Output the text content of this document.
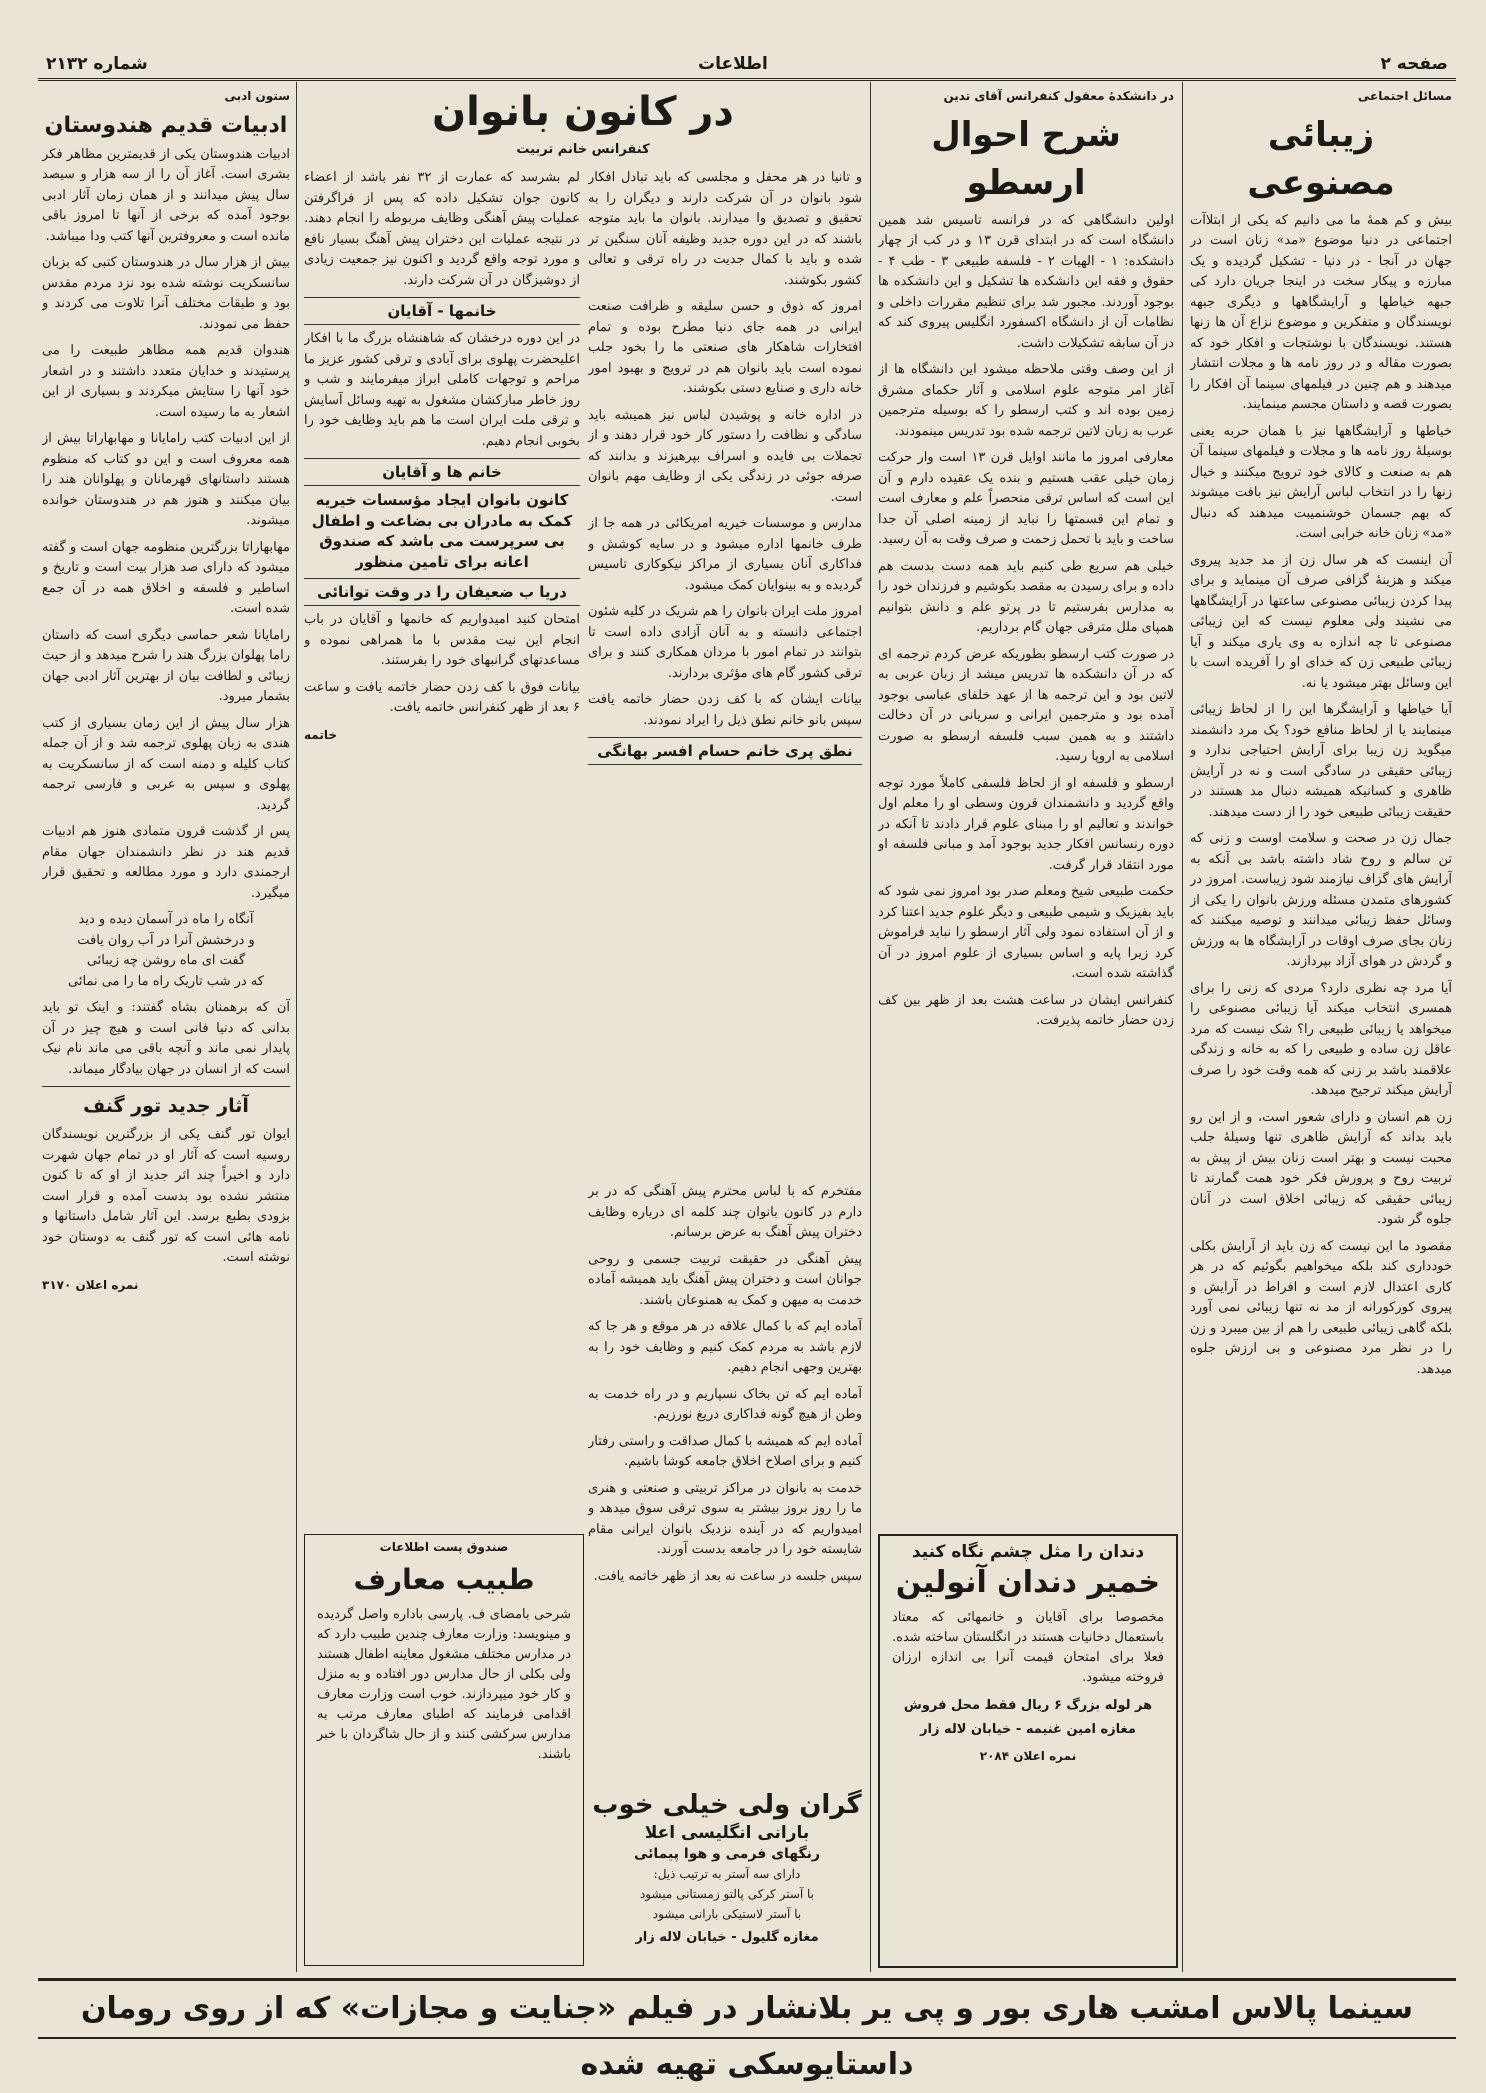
شماره ۲۱۳۲	اطلاعات	صفحه ۲
مسائل اجتماعی
زیبائی مصنوعی

بیش و کم همهٔ ما می دانیم که یکی از ابتلاآت اجتماعی در دنیا موضوع «مد» زنان است در جهان در آنجا - در دنیا - تشکیل گردیده و یک مبارزه و پیکار سخت در اینجا جریان دارد کی جبهه خیاطها و آرایشگاهها و دیگری جبهه نویسندگان و متفکرین و موضوع نزاع آن ها زنها هستند. نویسندگان با نوشتجات و افکار خود که بصورت مقاله و در روز نامه ها و مجلات انتشار میدهند و هم چنین در فیلمهای سینما آن افکار را بصورت قصه و داستان مجسم مینمایند.

خیاطها و آرایشگاهها نیز با همان حربه یعنی بوسیلهٔ روز نامه ها و مجلات و فیلمهای سینما آن هم به صنعت و کالای خود ترویج میکنند و خیال زنها را در انتخاب لباس آرایش نیز بافت میشوند که بهم جسمان خوشنمیبت میدهند که دنبال «مد» زنان خانه خرابی است.

آن اینست که هر سال زن از مد جدید پیروی میکند و هزینهٔ گزافی صرف آن مینماید و برای پیدا کردن زیبائی مصنوعی ساعتها در آرایشگاهها می نشیند ولی معلوم نیست که این زیبائی مصنوعی تا چه اندازه به وی یاری میکند و آیا زیبائی طبیعی زن که خدای او را آفریده است با این وسائل بهتر میشود یا نه.

آیا خیاطها و آرایشگرها این را از لحاظ زیبائی مینمایند یا از لحاظ منافع خود؟ یک مرد دانشمند میگوید زن زیبا برای آرایش احتیاجی ندارد و زیبائی حقیقی در سادگی است و نه در آرایش ظاهری و کسانیکه همیشه دنبال مد هستند در حقیقت زیبائی طبیعی خود را از دست میدهند.

جمال زن در صحت و سلامت اوست و زنی که تن سالم و روح شاد داشته باشد بی آنکه به آرایش های گزاف نیازمند شود زیباست. امروز در کشورهای متمدن مسئله ورزش بانوان را یکی از وسائل حفظ زیبائی میدانند و توصیه میکنند که زنان بجای صرف اوقات در آرایشگاه ها به ورزش و گردش در هوای آزاد بپردازند.

آیا مرد چه نظری دارد؟ مردی که زنی را برای همسری انتخاب میکند آیا زیبائی مصنوعی را میخواهد یا زیبائی طبیعی را؟ شک نیست که مرد عاقل زن ساده و طبیعی را که به خانه و زندگی علاقمند باشد بر زنی که همه وقت خود را صرف آرایش میکند ترجیح میدهد.

زن هم انسان و دارای شعور است، و از این رو باید بداند که آرایش ظاهری تنها وسیلهٔ جلب محبت نیست و بهتر است زنان بیش از پیش به تربیت روح و پرورش فکر خود همت گمارند تا زیبائی حقیقی که زیبائی اخلاق است در آنان جلوه گر شود.

مقصود ما این نیست که زن باید از آرایش بکلی خودداری کند بلکه میخواهیم بگوئیم که در هر کاری اعتدال لازم است و افراط در آرایش و پیروی کورکورانه از مد نه تنها زیبائی نمی آورد بلکه گاهی زیبائی طبیعی را هم از بین میبرد و زن را در نظر مرد مصنوعی و بی ارزش جلوه میدهد.

در دانشکدهٔ معقول کنفرانس آقای تدین
شرح احوال ارسطو

اولین دانشگاهی که در فرانسه تاسیس شد همین دانشگاه است که در ابتدای قرن ۱۳ و در کب از چهار دانشکده: ۱ - الهیات ۲ - فلسفه طبیعی ۳ - طب ۴ - حقوق و فقه این دانشکده ها تشکیل و این دانشکده ها بوجود آوردند. مجبور شد برای تنظیم مقررات داخلی و نظامات آن از دانشگاه اکسفورد انگلیس پیروی کند که در آن سابقه تشکیلات داشت.

از این وصف وقتی ملاحظه میشود این دانشگاه ها از آغاز امر متوجه علوم اسلامی و آثار حکمای مشرق زمین بوده اند و کتب ارسطو را که بوسیله مترجمین عرب به زبان لاتین ترجمه شده بود تدریس مینمودند.

معارفی امروز ما مانند اوایل قرن ۱۳ است وار حرکت زمان خیلی عقب هستیم و بنده یک عقیده دارم و آن این است که اساس ترقی منحصراً علم و معارف است و تمام این قسمتها را نباید از زمینه اصلی آن جدا ساخت و باید با تحمل زحمت و صرف وقت به آن رسید.

خیلی هم سریع طی کنیم باید همه دست بدست هم داده و برای رسیدن به مقصد بکوشیم و فرزندان خود را به مدارس بفرستیم تا در پرتو علم و دانش بتوانیم همپای ملل مترقی جهان گام برداریم.

در صورت کتب ارسطو بطوریکه عرض کردم ترجمه ای که در آن دانشکده ها تدریس میشد از زبان عربی به لاتین بود و این ترجمه ها از عهد خلفای عباسی بوجود آمده بود و مترجمین ایرانی و سریانی در آن دخالت داشتند و به همین سبب فلسفه ارسطو به صورت اسلامی به اروپا رسید.

ارسطو و فلسفه او از لحاظ فلسفی کاملاً مورد توجه واقع گردید و دانشمندان قرون وسطی او را معلم اول خواندند و تعالیم او را مبنای علوم قرار دادند تا آنکه در دوره رنسانس افکار جدید بوجود آمد و مبانی فلسفه او مورد انتقاد قرار گرفت.

حکمت طبیعی شیخ ومعلم صدر بود امروز نمی شود که باید بفیزیک و شیمی طبیعی و دیگر علوم جدید اعتنا کرد و از آن استفاده نمود ولی آثار ارسطو را نباید فراموش کرد زیرا پایه و اساس بسیاری از علوم امروز در آن گذاشته شده است.

کنفرانس ایشان در ساعت هشت بعد از ظهر بین کف زدن حضار خاتمه پذیرفت.

در کانون بانوان
کنفرانس خانم تربیت

و تانیا در هر محفل و مجلسی که باید تبادل افکار شود بانوان در آن شرکت دارند و دیگران را به تحقیق و تصدیق وا میدارند. بانوان ما باید متوجه باشند که در این دوره جدید وظیفه آنان سنگین تر شده و باید با کمال جدیت در راه ترقی و تعالی کشور بکوشند.

امروز که ذوق و حسن سلیقه و ظرافت صنعت ایرانی در همه جای دنیا مطرح بوده و تمام افتخارات شاهکار های صنعتی ما را بخود جلب نموده است باید بانوان هم در ترویج و بهبود امور خانه داری و صنایع دستی بکوشند.

در اداره خانه و پوشیدن لباس نیز همیشه باید سادگی و نظافت را دستور کار خود قرار دهند و از تجملات بی فایده و اسراف بپرهیزند و بدانند که صرفه جوئی در زندگی یکی از وظایف مهم بانوان است.

مدارس و موسسات خیریه امریکائی در همه جا از طرف خانمها اداره میشود و در سایه کوشش و فداکاری آنان بسیاری از مراکز نیکوکاری تاسیس گردیده و به بینوایان کمک میشود.

امروز ملت ایران بانوان را هم شریک در کلیه شئون اجتماعی دانسته و به آنان آزادی داده است تا بتوانند در تمام امور با مردان همکاری کنند و برای ترقی کشور گام های مؤثری بردارند.

بیانات ایشان که با کف زدن حضار خاتمه یافت سپس بانو خانم نطق ذیل را ایراد نمودند.

نطق پری خانم حسام افسر بهانگی

لم بشرسد که عمارت از ۳۲ نفر باشد از اعضاء کانون جوان تشکیل داده که پس از فراگرفتن عملیات پیش آهنگی وظایف مربوطه را انجام دهند. در نتیجه عملیات این دختران پیش آهنگ بسیار نافع و مورد توجه واقع گردید و اکنون نیز جمعیت زیادی از دوشیزگان در آن شرکت دارند.

خانمها - آقایان

در این دوره درخشان که شاهنشاه بزرگ ما با افکار اعلیحضرت پهلوی برای آبادی و ترقی کشور عزیز ما مراحم و توجهات کاملی ابراز میفرمایند و شب و روز خاطر مبارکشان مشغول به تهیه وسائل آسایش و ترقی ملت ایران است ما هم باید وظایف خود را بخوبی انجام دهیم.

خانم ها و آقایان
کانون بانوان ایجاد مؤسسات خیریه کمک به مادران بی بضاعت و اطفال بی سرپرست می باشد که صندوق اعانه برای تامین منظور
دریا ب ضعیفان را در وقت توانائی

امتحان کنید امیدواریم که خانمها و آقایان در باب انجام این نیت مقدس با ما همراهی نموده و مساعدتهای گرانبهای خود را بفرستند.

بیانات فوق با کف زدن حضار خاتمه یافت و ساعت ۶ بعد از ظهر کنفرانس خاتمه یافت.

خاتمه

مفتخرم که با لباس محترم پیش آهنگی که در بر دارم در کانون بانوان چند کلمه ای درباره وظایف دختران پیش آهنگ به عرض برسانم.

پیش آهنگی در حقیقت تربیت جسمی و روحی جوانان است و دختران پیش آهنگ باید همیشه آماده خدمت به میهن و کمک به همنوعان باشند.

آماده ایم که با کمال علاقه در هر موقع و هر جا که لازم باشد به مردم کمک کنیم و وظایف خود را به بهترین وجهی انجام دهیم.

آماده ایم که تن بخاک نسپاریم و در راه خدمت به وطن از هیچ گونه فداکاری دریغ نورزیم.

آماده ایم که همیشه با کمال صداقت و راستی رفتار کنیم و برای اصلاح اخلاق جامعه کوشا باشیم.

خدمت به بانوان در مراکز تربیتی و صنعتی و هنری ما را روز بروز بیشتر به سوی ترقی سوق میدهد و امیدواریم که در آینده نزدیک بانوان ایرانی مقام شایسته خود را در جامعه بدست آورند.

سپس جلسه در ساعت نه بعد از ظهر خاتمه یافت.

ستون ادبی
ادبیات قدیم هندوستان

ادبیات هندوستان یکی از قدیمترین مظاهر فکر بشری است. آغاز آن را از سه هزار و سیصد سال پیش میدانند و از همان زمان آثار ادبی بوجود آمده که برخی از آنها تا امروز باقی مانده است و معروفترین آنها کتب ودا میباشد.

بیش از هزار سال در هندوستان کتبی که بزبان سانسکریت نوشته شده بود نزد مردم مقدس بود و طبقات مختلف آنرا تلاوت می کردند و حفظ می نمودند.

هندوان قدیم همه مظاهر طبیعت را می پرستیدند و خدایان متعدد داشتند و در اشعار خود آنها را ستایش میکردند و بسیاری از این اشعار به ما رسیده است.

از این ادبیات کتب رامایانا و مهابهاراتا بیش از همه معروف است و این دو کتاب که منظوم هستند داستانهای قهرمانان و پهلوانان هند را بیان میکنند و هنوز هم در هندوستان خوانده میشوند.

مهابهاراتا بزرگترین منظومه جهان است و گفته میشود که دارای صد هزار بیت است و تاریخ و اساطیر و فلسفه و اخلاق همه در آن جمع شده است.

رامایانا شعر حماسی دیگری است که داستان راما پهلوان بزرگ هند را شرح میدهد و از حیث زیبائی و لطافت بیان از بهترین آثار ادبی جهان بشمار میرود.

هزار سال پیش از این زمان بسیاری از کتب هندی به زبان پهلوی ترجمه شد و از آن جمله کتاب کلیله و دمنه است که از سانسکریت به پهلوی و سپس به عربی و فارسی ترجمه گردید.

پس از گذشت قرون متمادی هنوز هم ادبیات قدیم هند در نظر دانشمندان جهان مقام ارجمندی دارد و مورد مطالعه و تحقیق قرار میگیرد.

آنگاه را ماه در آسمان دیده و دید
و درخشش آنرا در آب روان یافت
گفت ای ماه روشن چه زیبائی
که در شب تاریک راه ما را می نمائی

آن که برهمنان بشاه گفتند: و اینک تو باید بدانی که دنیا فانی است و هیچ چیز در آن پایدار نمی ماند و آنچه باقی می ماند نام نیک است که از انسان در جهان بیادگار میماند.

آثار جدید تور گنف

ایوان تور گنف یکی از بزرگترین نویسندگان روسیه است که آثار او در تمام جهان شهرت دارد و اخیراً چند اثر جدید از او که تا کنون منتشر نشده بود بدست آمده و قرار است بزودی بطبع برسد. این آثار شامل داستانها و نامه هائی است که تور گنف به دوستان خود نوشته است.

نمره اعلان ۳۱۷۰
صندوق پست اطلاعات
طبیب معارف
شرحی بامضای ف. پارسی باداره واصل گردیده و مینویسد: وزارت معارف چندین طبیب دارد که در مدارس مختلف مشغول معاینه اطفال هستند ولی بکلی از حال مدارس دور افتاده و به منزل و کار خود میپردازند. خوب است وزارت معارف اقدامی فرمایند که اطبای معارف مرتب به مدارس سرکشی کنند و از حال شاگردان با خبر باشند.
گران ولی خیلی خوب
بارانی انگلیسی اعلا
رنگهای فرمی و هوا پیمائی
دارای سه آستر به ترتیب ذیل:
با آستر کرکی پالتو زمستانی میشود
با آستر لاستیکی بارانی میشود
مغازه گلیول - خیابان لاله زار
دندان را مثل چشم نگاه کنید
خمیر دندان آنولین
مخصوصا برای آقایان و خانمهائی که معتاد باستعمال دخانیات هستند در انگلستان ساخته شده. فعلا برای امتحان قیمت آنرا بی اندازه ارزان فروخته میشود.
هر لوله بزرگ ۶ ریال فقط محل فروش
مغازه امین غنیمه - خیابان لاله زار
نمره اعلان ۲۰۸۴
سینما پالاس امشب هاری بور و پی یر بلانشار در فیلم «جنایت و مجازات» که از روی رومان داستایوسکی تهیه شده
